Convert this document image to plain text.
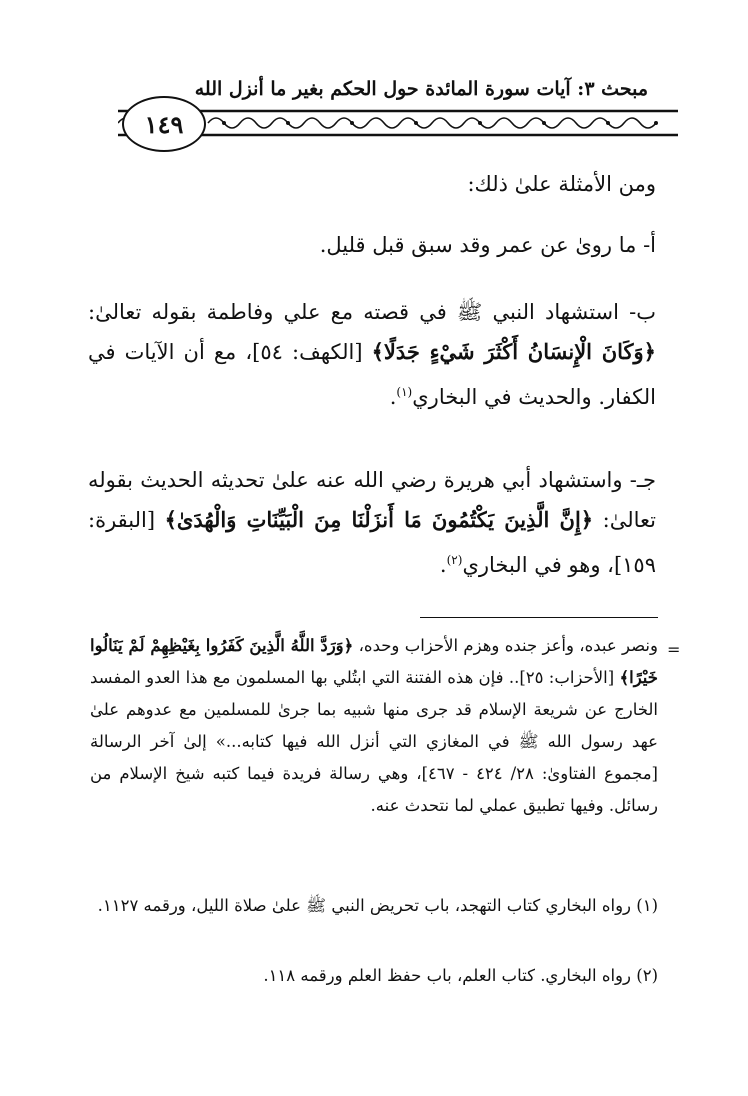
مبحث ٣: آيات سورة المائدة حول الحكم بغير ما أنزل الله
١٤٩

ومن الأمثلة علىٰ ذلك:

أ- ما روىٰ عن عمر وقد سبق قبل قليل.

ب- استشهاد النبي ﷺ في قصته مع علي وفاطمة بقوله تعالىٰ: ﴿وَكَانَ الْإِنسَانُ أَكْثَرَ شَيْءٍ جَدَلًا﴾ [الكهف: ٥٤]، مع أن الآيات في الكفار. والحديث في البخاري$^{(١)}$.

جـ- واستشهاد أبي هريرة رضي الله عنه علىٰ تحديثه الحديث بقوله تعالىٰ: ﴿إِنَّ الَّذِينَ يَكْتُمُونَ مَا أَنزَلْنَا مِنَ الْبَيِّنَاتِ وَالْهُدَىٰ﴾ [البقرة: ١٥٩]، وهو في البخاري$^{(٢)}$.

=

ونصر عبده، وأعز جنده وهزم الأحزاب وحده، ﴿وَرَدَّ اللَّهُ الَّذِينَ كَفَرُوا بِغَيْظِهِمْ لَمْ يَنَالُوا خَيْرًا﴾ [الأحزاب: ٢٥].. فإن هذه الفتنة التي ابتُلي بها المسلمون مع هذا العدو المفسد الخارج عن شريعة الإسلام قد جرى منها شبيه بما جرىٰ للمسلمين مع عدوهم علىٰ عهد رسول الله ﷺ في المغازي التي أنزل الله فيها كتابه...» إلىٰ آخر الرسالة [مجموع الفتاوىٰ: ٢٨/ ٤٢٤ - ٤٦٧]، وهي رسالة فريدة فيما كتبه شيخ الإسلام من رسائل. وفيها تطبيق عملي لما نتحدث عنه.

(١) رواه البخاري كتاب التهجد، باب تحريض النبي ﷺ علىٰ صلاة الليل، ورقمه ١١٢٧.

(٢) رواه البخاري. كتاب العلم، باب حفظ العلم ورقمه ١١٨.
